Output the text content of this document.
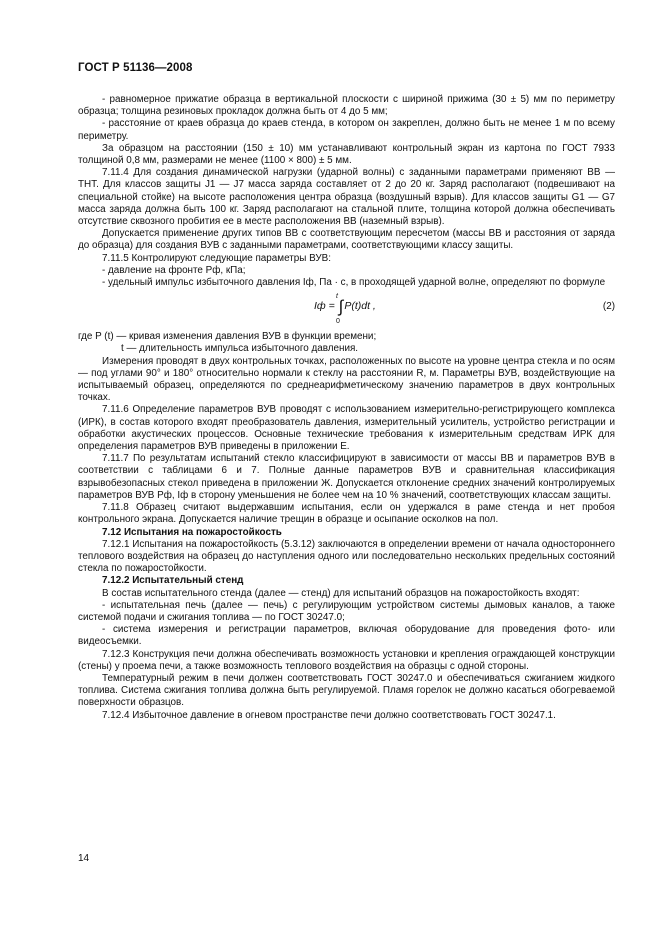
ГОСТ Р 51136—2008

- равномерное прижатие образца в вертикальной плоскости с шириной прижима (30 ± 5) мм по периметру образца; толщина резиновых прокладок должна быть от 4 до 5 мм;

- расстояние от краев образца до краев стенда, в котором он закреплен, должно быть не менее 1 м по всему периметру.

За образцом на расстоянии (150 ± 10) мм устанавливают контрольный экран из картона по ГОСТ 7933 толщиной 0,8 мм, размерами не менее (1100 × 800) ± 5 мм.

7.11.4 Для создания динамической нагрузки (ударной волны) с заданными параметрами применяют ВВ — ТНТ. Для классов защиты J1 — J7 масса заряда составляет от 2 до 20 кг. Заряд располагают (подвешивают на специальной стойке) на высоте расположения центра образца (воздушный взрыв). Для классов защиты G1 — G7 масса заряда должна быть 100 кг. Заряд располагают на стальной плите, толщина которой должна обеспечивать отсутствие сквозного пробития ее в месте расположения ВВ (наземный взрыв).

Допускается применение других типов ВВ с соответствующим пересчетом (массы ВВ и расстояния от заряда до образца) для создания ВУВ с заданными параметрами, соответствующими классу защиты.

7.11.5 Контролируют следующие параметры ВУВ:

- давление на фронте Pф, кПа;

- удельный импульс избыточного давления Iф, Па · с, в проходящей ударной волне, определяют по формуле

t
Iф = ∫P(t)dt ,
0
(2)

где P (t) — кривая изменения давления ВУВ в функции времени;

t — длительность импульса избыточного давления.

Измерения проводят в двух контрольных точках, расположенных по высоте на уровне центра стекла и по осям — под углами 90° и 180° относительно нормали к стеклу на расстоянии R, м. Параметры ВУВ, воздействующие на испытываемый образец, определяются по среднеарифметическому значению параметров в двух контрольных точках.

7.11.6 Определение параметров ВУВ проводят с использованием измерительно-регистрирующего комплекса (ИРК), в состав которого входят преобразователь давления, измерительный усилитель, устройство регистрации и обработки акустических процессов. Основные технические требования к измерительным средствам ИРК для определения параметров ВУВ приведены в приложении Е.

7.11.7 По результатам испытаний стекло классифицируют в зависимости от массы ВВ и параметров ВУВ в соответствии с таблицами 6 и 7. Полные данные параметров ВУВ и сравнительная классификация взрывобезопасных стекол приведена в приложении Ж. Допускается отклонение средних значений контролируемых параметров ВУВ Pф, Iф в сторону уменьшения не более чем на 10 % значений, соответствующих классам защиты.

7.11.8 Образец считают выдержавшим испытания, если он удержался в раме стенда и нет пробоя контрольного экрана. Допускается наличие трещин в образце и осыпание осколков на пол.

7.12 Испытания на пожаростойкость

7.12.1 Испытания на пожаростойкость (5.3.12) заключаются в определении времени от начала одностороннего теплового воздействия на образец до наступления одного или последовательно нескольких предельных состояний стекла по пожаростойкости.

7.12.2 Испытательный стенд

В состав испытательного стенда (далее — стенд) для испытаний образцов на пожаростойкость входят:

- испытательная печь (далее — печь) с регулирующим устройством системы дымовых каналов, а также системой подачи и сжигания топлива — по ГОСТ 30247.0;

- система измерения и регистрации параметров, включая оборудование для проведения фото- или видеосъемки.

7.12.3 Конструкция печи должна обеспечивать возможность установки и крепления ограждающей конструкции (стены) у проема печи, а также возможность теплового воздействия на образцы с одной стороны.

Температурный режим в печи должен соответствовать ГОСТ 30247.0 и обеспечиваться сжиганием жидкого топлива. Система сжигания топлива должна быть регулируемой. Пламя горелок не должно касаться обогреваемой поверхности образцов.

7.12.4 Избыточное давление в огневом пространстве печи должно соответствовать ГОСТ 30247.1.

14
